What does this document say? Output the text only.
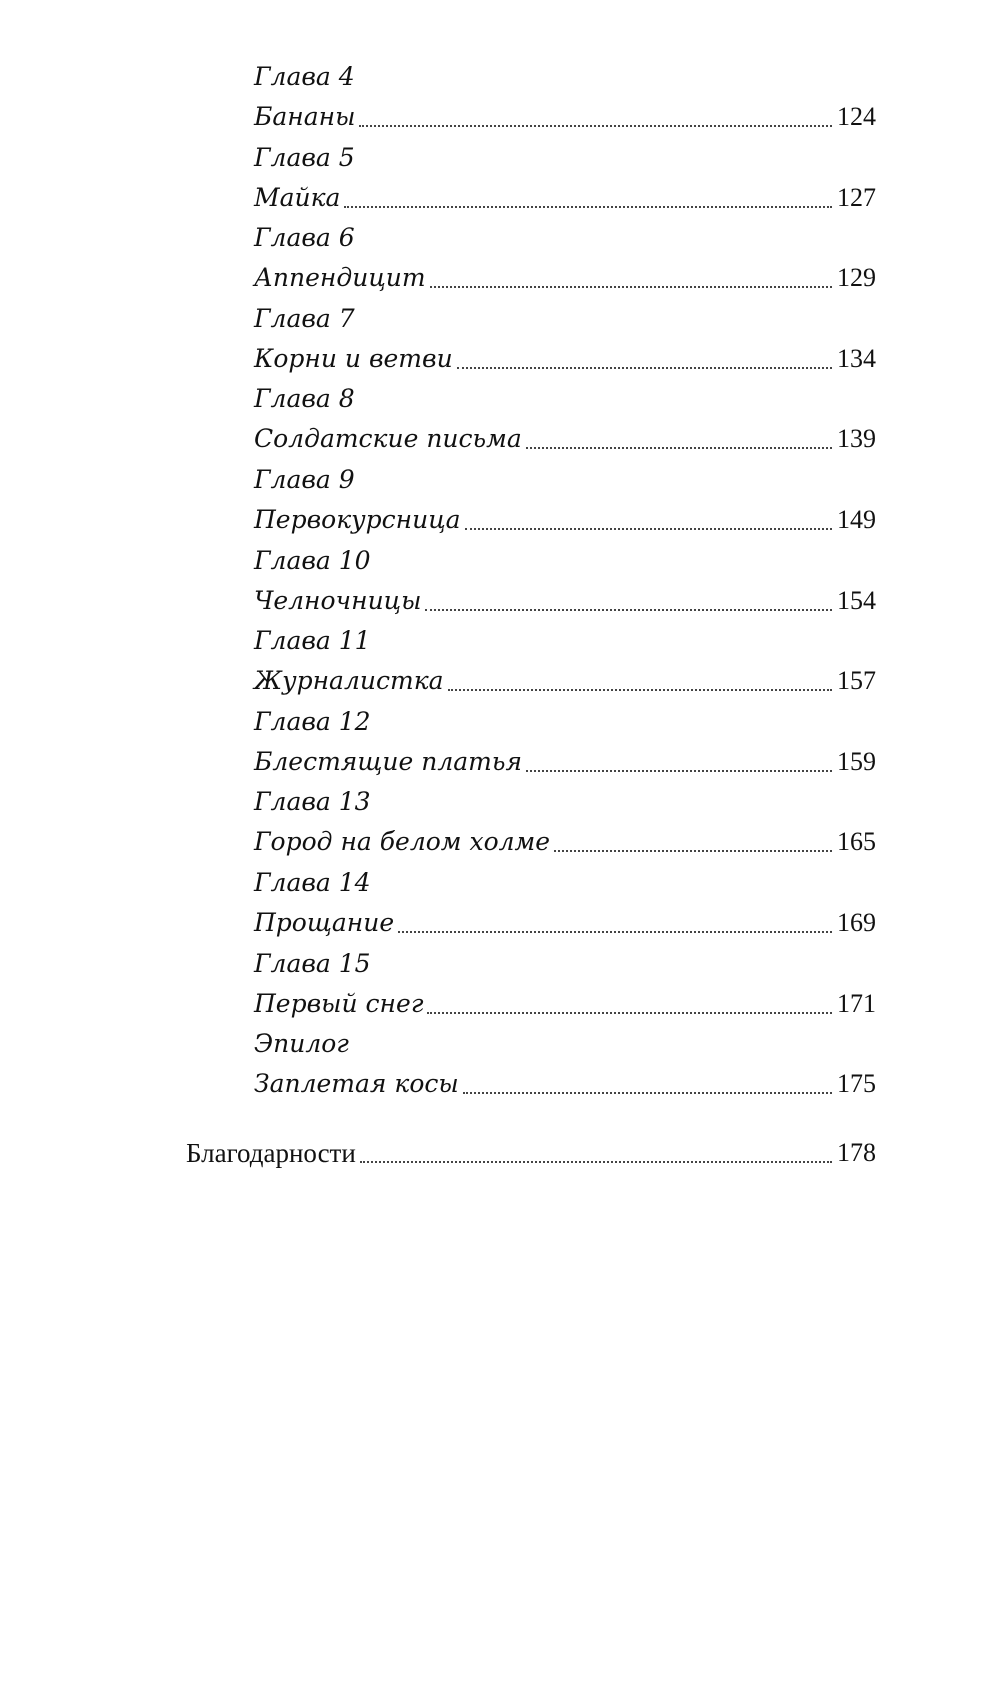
Глава 4
Бананы	124
Глава 5
Майка	127
Глава 6
Аппендицит	129
Глава 7
Корни и ветви	134
Глава 8
Солдатские письма	139
Глава 9
Первокурсница	149
Глава 10
Челночницы	154
Глава 11
Журналистка	157
Глава 12
Блестящие платья	159
Глава 13
Город на белом холме	165
Глава 14
Прощание	169
Глава 15
Первый снег	171
Эпилог
Заплетая косы	175
Благодарности	178
